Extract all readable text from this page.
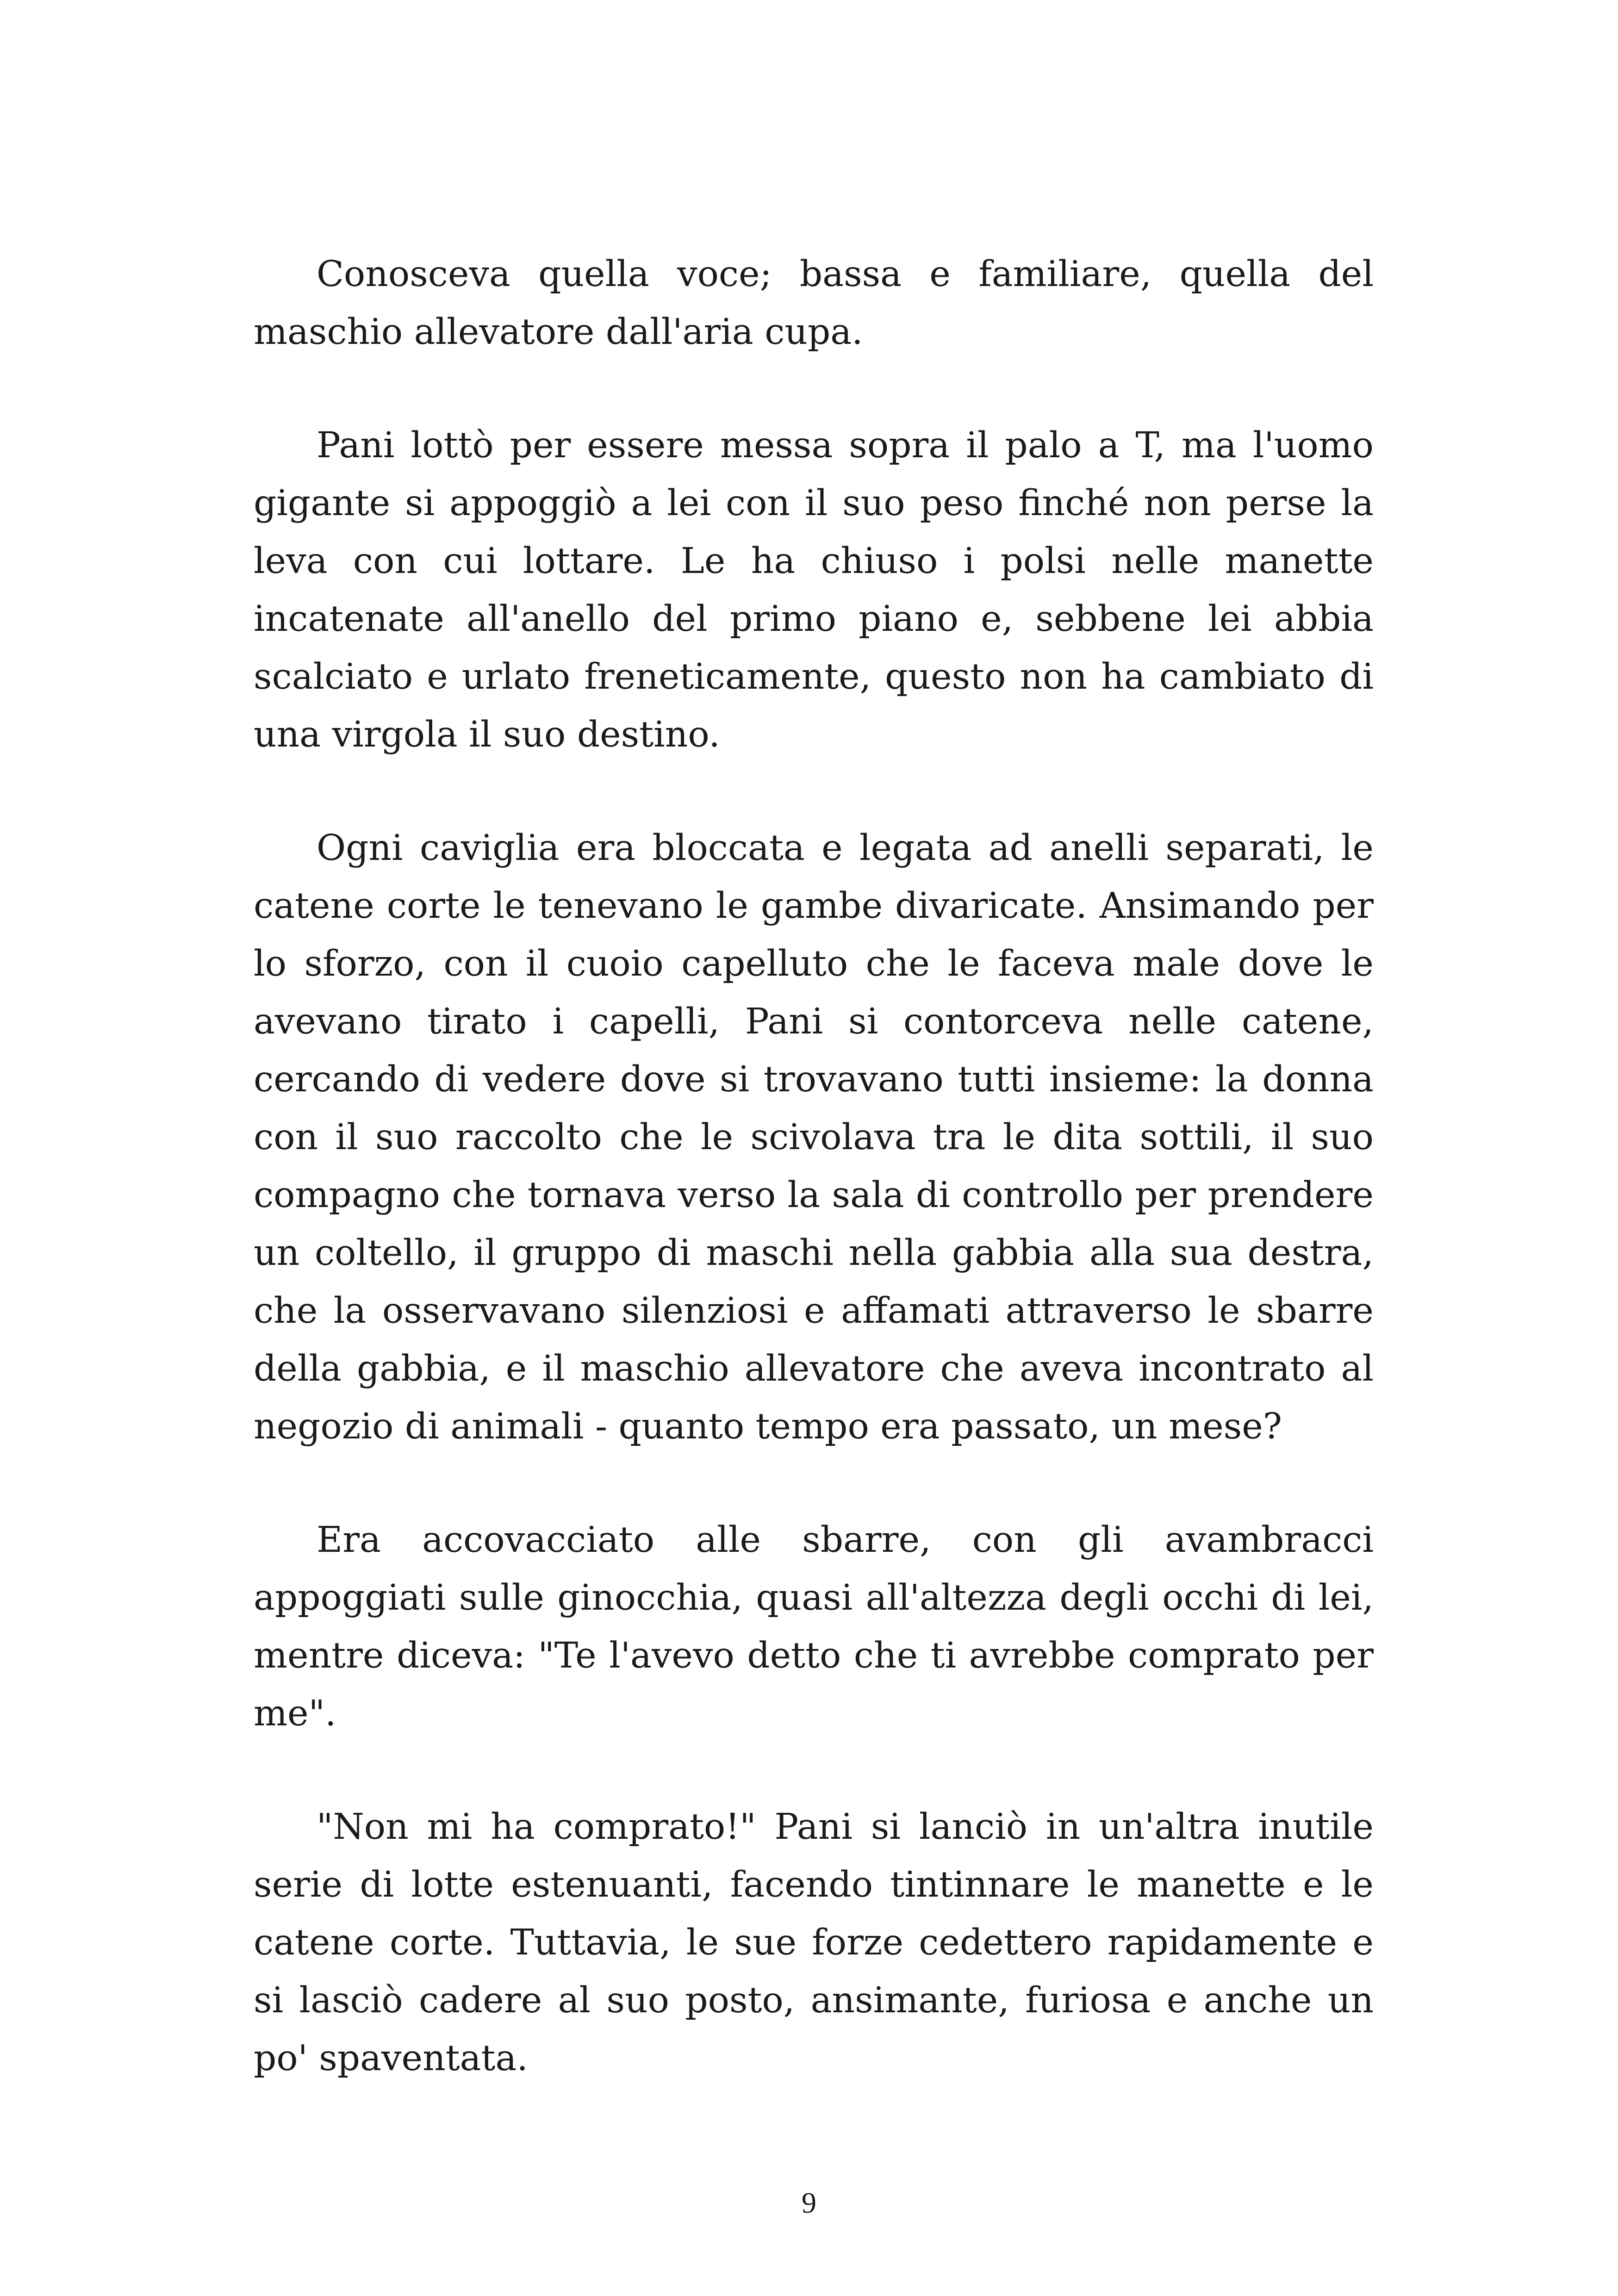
Conosceva quella voce; bassa e familiare, quella del maschio allevatore dall'aria cupa.

Pani lottò per essere messa sopra il palo a T, ma l'uomo gigante si appoggiò a lei con il suo peso finché non perse la leva con cui lottare. Le ha chiuso i polsi nelle manette incatenate all'anello del primo piano e, sebbene lei abbia scalciato e urlato freneticamente, questo non ha cambiato di una virgola il suo destino.

Ogni caviglia era bloccata e legata ad anelli separati, le catene corte le tenevano le gambe divaricate. Ansimando per lo sforzo, con il cuoio capelluto che le faceva male dove le avevano tirato i capelli, Pani si contorceva nelle catene, cercando di vedere dove si trovavano tutti insieme: la donna con il suo raccolto che le scivolava tra le dita sottili, il suo compagno che tornava verso la sala di controllo per prendere un coltello, il gruppo di maschi nella gabbia alla sua destra, che la osservavano silenziosi e affamati attraverso le sbarre della gabbia, e il maschio allevatore che aveva incontrato al negozio di animali - quanto tempo era passato, un mese?

Era accovacciato alle sbarre, con gli avambracci appoggiati sulle ginocchia, quasi all'altezza degli occhi di lei, mentre diceva: "Te l'avevo detto che ti avrebbe comprato per me".

"Non mi ha comprato!" Pani si lanciò in un'altra inutile serie di lotte estenuanti, facendo tintinnare le manette e le catene corte. Tuttavia, le sue forze cedettero rapidamente e si lasciò cadere al suo posto, ansimante, furiosa e anche un po' spaventata.

9
